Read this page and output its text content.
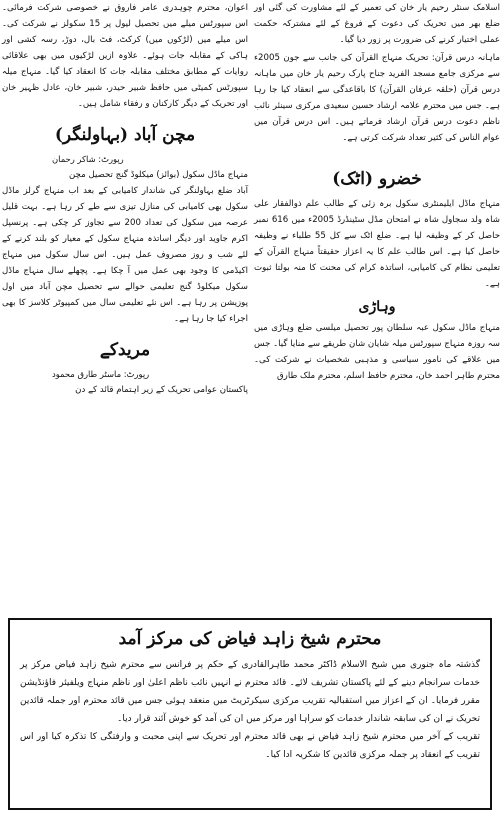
اسلامک سنٹر رحیم یار خان کی تعمیر کے لئے مشاورت کی گئی اور ضلع بھر میں تحریک کی دعوت کے فروغ کے لئے مشترکہ حکمت عملی اختیار کرنے کی ضرورت پر زور دیا گیا۔

ماہانہ درس قرآن: تحریک منہاج القرآن کی جانب سے جون 2005ء سے مرکزی جامع مسجد الفرید جناح پارک رحیم یار خان میں ماہانہ درس قرآن (حلقہ عرفان القرآن) کا باقاعدگی سے انعقاد کیا جا رہا ہے۔ جس میں محترم علامہ ارشاد حسین سعیدی مرکزی سینئر نائب ناظم دعوت درس قرآن ارشاد فرماتے ہیں۔ اس درس قرآن میں عوام الناس کی کثیر تعداد شرکت کرتی ہے۔

خضرو (اٹک)

منہاج ماڈل ایلیمنٹری سکول برہ زئی کے طالب علم ذوالفقار علی شاہ ولد سجاول شاہ نے امتحان مڈل سٹینڈرڈ 2005ء میں 616 نمبر حاصل کر کے وظیفہ لیا ہے۔ ضلع اٹک سے کل 55 طلباء نے وظیفہ حاصل کیا ہے۔ اس طالب علم کا یہ اعزاز حقیقتاً منہاج القرآن کے تعلیمی نظام کی کامیابی، اساتذہ کرام کی محنت کا منہ بولتا ثبوت ہے۔

وہاڑی

منہاج ماڈل سکول عبہ سلطان پور تحصیل میلسی ضلع وہاڑی میں سہ روزہ منہاج سپورٹس میلہ شایان شان طریقے سے منایا گیا۔ جس میں علاقے کی نامور سیاسی و مذہبی شخصیات نے شرکت کی۔ محترم طاہر احمد خان، محترم حافظ اسلم، محترم ملک طارق

اعوان، محترم چوہدری عامر فاروق نے خصوصی شرکت فرمائی۔ اس سپورٹس میلے میں تحصیل لیول پر 15 سکولز نے شرکت کی۔ اس میلے میں (لڑکوں میں) کرکٹ، فٹ بال، دوڑ، رسہ کشی اور ہاکی کے مقابلہ جات ہوئے۔ علاوہ ازیں لڑکیوں میں بھی علاقائی روایات کے مطابق مختلف مقابلہ جات کا انعقاد کیا گیا۔ منہاج میلہ سپورٹس کمیٹی میں حافظ شبیر حیدر، شبیر خان، عادل ظہیر خان اور تحریک کے دیگر کارکنان و رفقاء شامل ہیں۔

مچن آباد (بہاولنگر)

رپورٹ: شاکر رحمان

منہاج ماڈل سکول (بوائز) میکلوڈ گنج تحصیل مچن

آباد ضلع بہاولنگر کی شاندار کامیابی کے بعد اب منہاج گرلز ماڈل سکول بھی کامیابی کی منازل تیزی سے طے کر رہا ہے۔ بہت قلیل عرصہ میں سکول کی تعداد 200 سے تجاوز کر چکی ہے۔ پرنسپل اکرم جاوید اور دیگر اساتذہ منہاج سکول کے معیار کو بلند کرنے کے لئے شب و روز مصروف عمل ہیں۔ اس سال سکول میں منہاج اکیڈمی کا وجود بھی عمل میں آ چکا ہے۔ پچھلے سال منہاج ماڈل سکول میکلوڈ گنج تعلیمی حوالے سے تحصیل مچن آباد میں اول پوزیشن پر رہا ہے۔ اس نئے تعلیمی سال میں کمپیوٹر کلاسز کا بھی اجراء کیا جا رہا ہے۔

مریدکے

رپورٹ: ماسٹر طارق محمود

پاکستان عوامی تحریک کے زیر اہتمام قائد کے دن

محترم شیخ زاہد فیاض کی مرکز آمد

گذشتہ ماہ جنوری میں شیخ الاسلام ڈاکٹر محمد طاہرالقادری کے حکم پر فرانس سے محترم شیخ زاہد فیاض مرکز پر خدمات سرانجام دینے کے لئے پاکستان تشریف لائے۔ قائد محترم نے انہیں نائب ناظم اعلیٰ اور ناظم منہاج ویلفیئر فاؤنڈیشن مقرر فرمایا۔ ان کے اعزاز میں استقبالیہ تقریب مرکزی سیکرٹریٹ میں منعقد ہوئی جس میں قائد محترم اور جملہ قائدین تحریک نے ان کی سابقہ شاندار خدمات کو سراہا اور مرکز میں ان کی آمد کو خوش آئند قرار دیا۔

تقریب کے آخر میں محترم شیخ زاہد فیاض نے بھی قائد محترم اور تحریک سے اپنی محبت و وارفتگی کا تذکرہ کیا اور اس تقریب کے انعقاد پر جملہ مرکزی قائدین کا شکریہ ادا کیا۔
